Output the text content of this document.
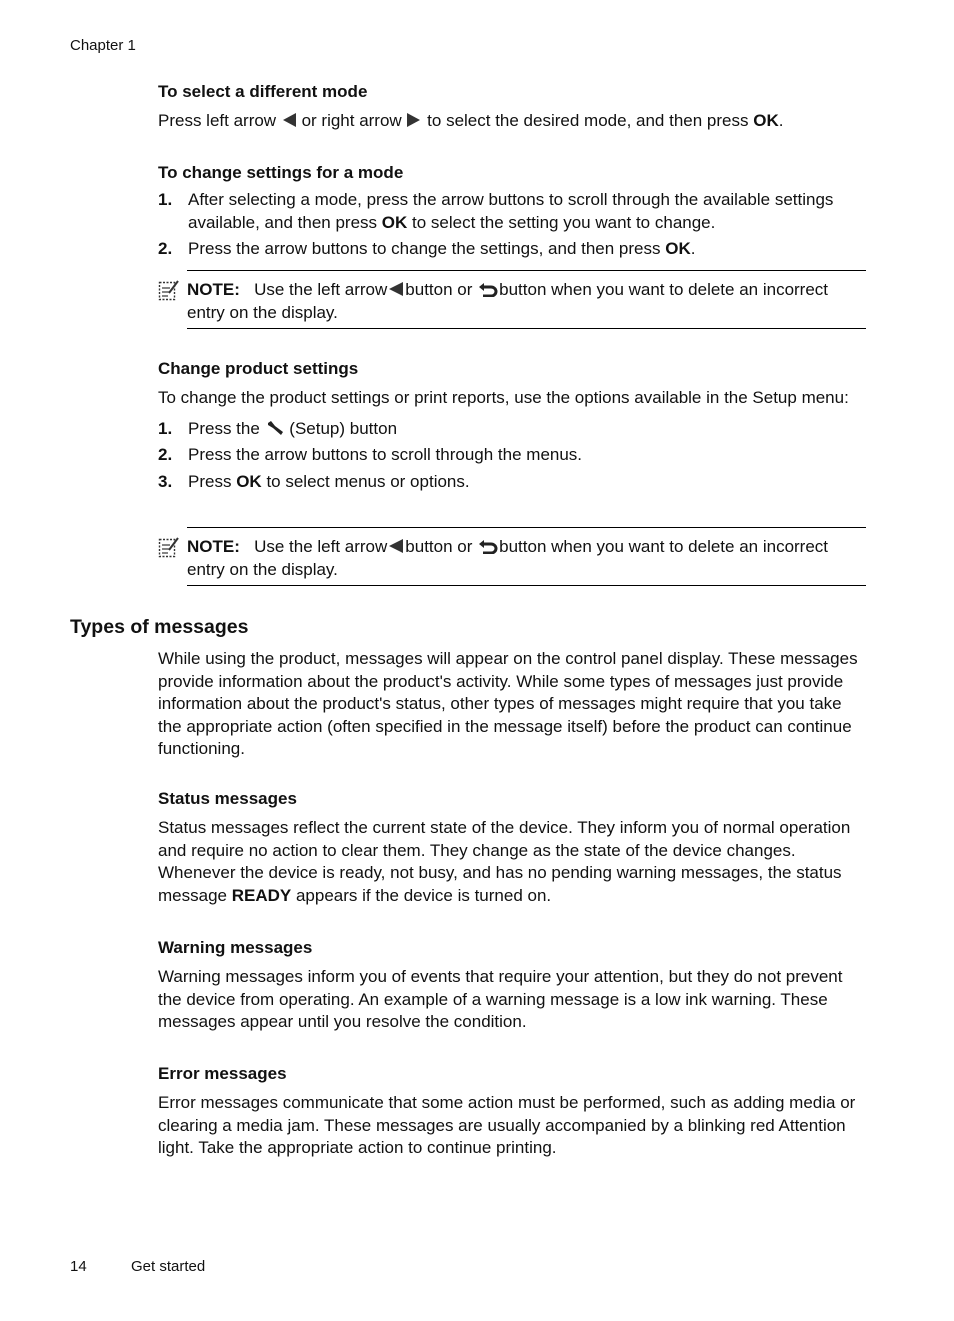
Chapter 1
To select a different mode

Press left arrow or right arrow to select the desired mode, and then press OK.

To change settings for a mode
1. After selecting a mode, press the arrow buttons to scroll through the available settings available, and then press OK to select the setting you want to change.
2. Press the arrow buttons to change the settings, and then press OK.
NOTE: Use the left arrow button or button when you want to delete an incorrect entry on the display.
Change product settings

To change the product settings or print reports, use the options available in the Setup menu:

1. Press the (Setup) button
2. Press the arrow buttons to scroll through the menus.
3. Press OK to select menus or options.
NOTE: Use the left arrow button or button when you want to delete an incorrect entry on the display.
Types of messages

While using the product, messages will appear on the control panel display. These messages provide information about the product's activity. While some types of messages just provide information about the product's status, other types of messages might require that you take the appropriate action (often specified in the message itself) before the product can continue functioning.

Status messages

Status messages reflect the current state of the device. They inform you of normal operation and require no action to clear them. They change as the state of the device changes. Whenever the device is ready, not busy, and has no pending warning messages, the status message READY appears if the device is turned on.

Warning messages

Warning messages inform you of events that require your attention, but they do not prevent the device from operating. An example of a warning message is a low ink warning. These messages appear until you resolve the condition.

Error messages

Error messages communicate that some action must be performed, such as adding media or clearing a media jam. These messages are usually accompanied by a blinking red Attention light. Take the appropriate action to continue printing.

14	Get started
